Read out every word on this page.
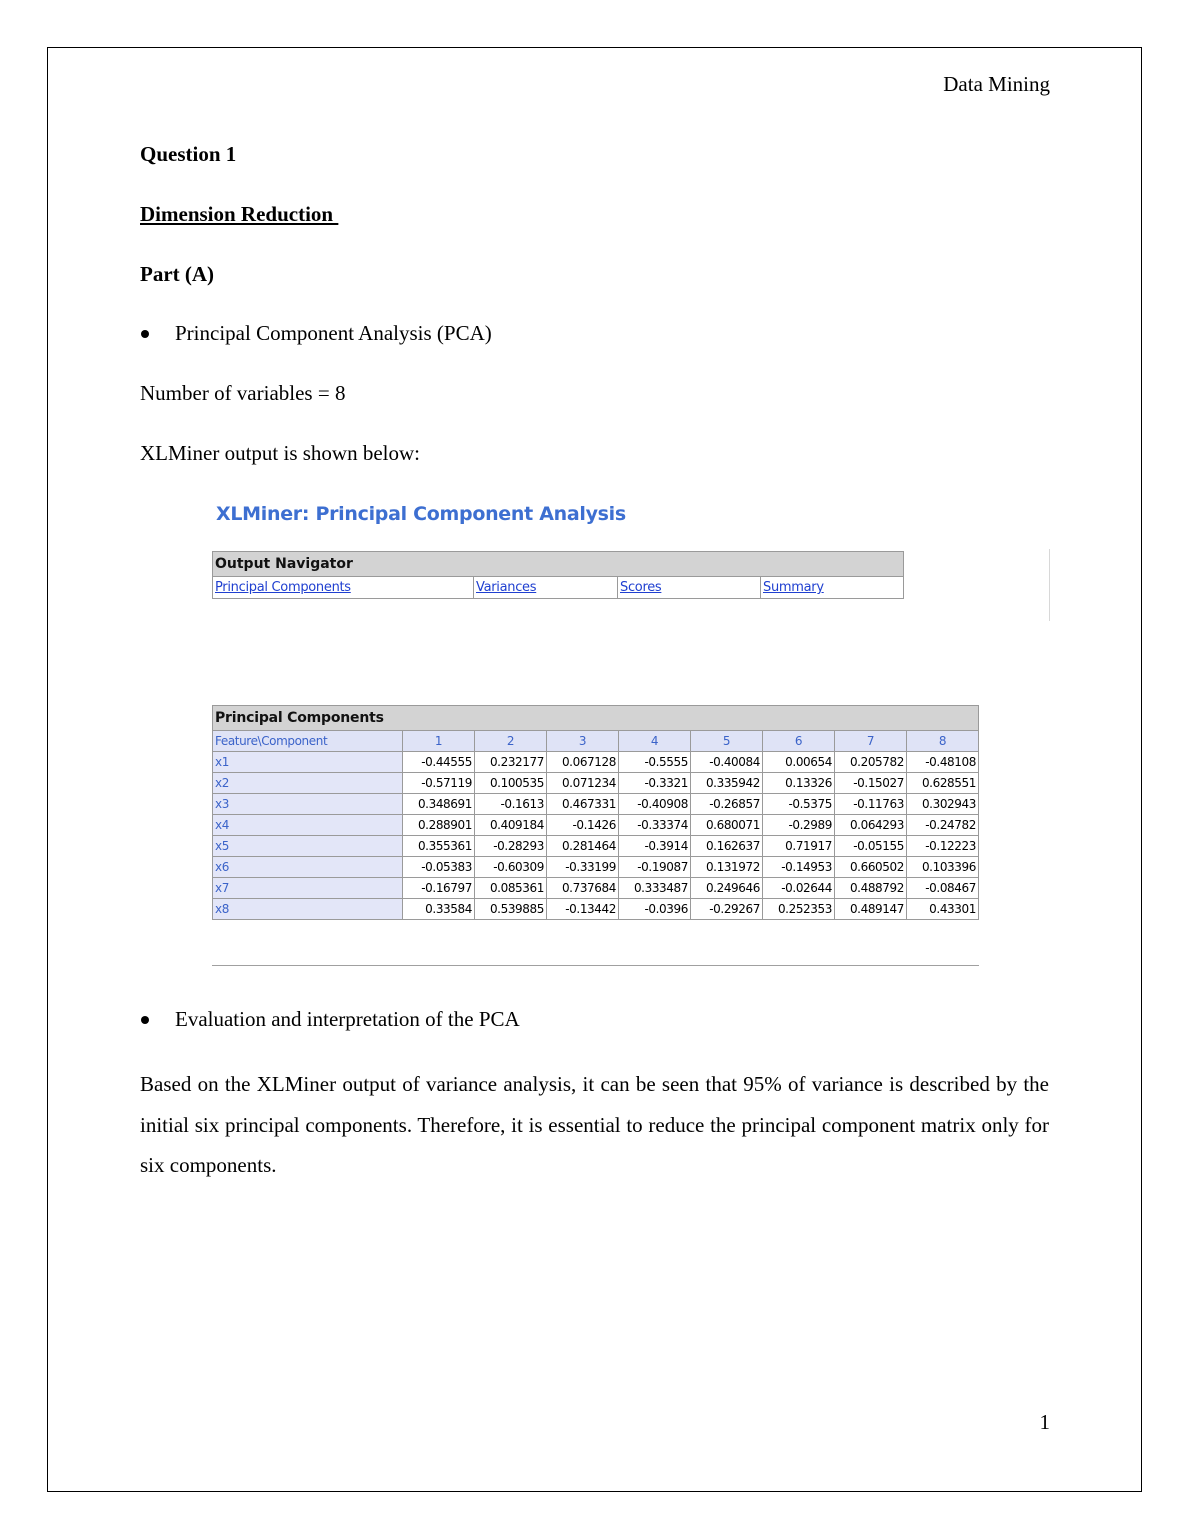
Data Mining
Question 1
Dimension Reduction
Part (A)
Principal Component Analysis (PCA)
Number of variables = 8
XLMiner output is shown below:
XLMiner: Principal Component Analysis
Output Navigator
Principal Components	Variances	Scores	Summary
Principal Components								
Feature\Component	1	2	3	4	5	6	7	8
x1	-0.44555	0.232177	0.067128	-0.5555	-0.40084	0.00654	0.205782	-0.48108
x2	-0.57119	0.100535	0.071234	-0.3321	0.335942	0.13326	-0.15027	0.628551
x3	0.348691	-0.1613	0.467331	-0.40908	-0.26857	-0.5375	-0.11763	0.302943
x4	0.288901	0.409184	-0.1426	-0.33374	0.680071	-0.2989	0.064293	-0.24782
x5	0.355361	-0.28293	0.281464	-0.3914	0.162637	0.71917	-0.05155	-0.12223
x6	-0.05383	-0.60309	-0.33199	-0.19087	0.131972	-0.14953	0.660502	0.103396
x7	-0.16797	0.085361	0.737684	0.333487	0.249646	-0.02644	0.488792	-0.08467
x8	0.33584	0.539885	-0.13442	-0.0396	-0.29267	0.252353	0.489147	0.43301
Evaluation and interpretation of the PCA
Based on the XLMiner output of variance analysis, it can be seen that 95% of variance is described by the initial six principal components. Therefore, it is essential to reduce the principal component matrix only for six components.
1
